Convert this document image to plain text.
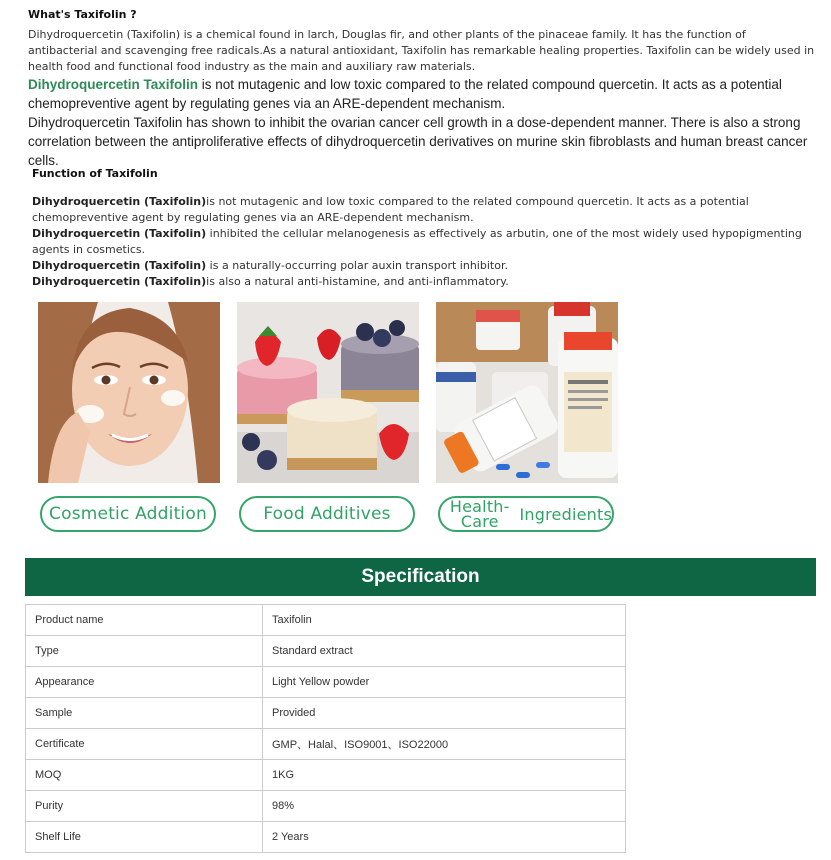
What's Taxifolin ?
Dihydroquercetin (Taxifolin) is a chemical found in larch, Douglas fir, and other plants of the pinaceae family. It has the function of antibacterial and scavenging free radicals.As a natural antioxidant, Taxifolin has remarkable healing properties. Taxifolin can be widely used in health food and functional food industry as the main and auxiliary raw materials.
Dihydroquercetin Taxifolin is not mutagenic and low toxic compared to the related compound quercetin. It acts as a potential chemopreventive agent by regulating genes via an ARE-dependent mechanism.
Dihydroquercetin Taxifolin has shown to inhibit the ovarian cancer cell growth in a dose-dependent manner. There is also a strong correlation between the antiproliferative effects of dihydroquercetin derivatives on murine skin fibroblasts and human breast cancer cells.
Function of Taxifolin
Dihydroquercetin (Taxifolin)is not mutagenic and low toxic compared to the related compound quercetin. It acts as a potential chemopreventive agent by regulating genes via an ARE-dependent mechanism.
Dihydroquercetin (Taxifolin) inhibited the cellular melanogenesis as effectively as arbutin, one of the most widely used hypopigmenting agents in cosmetics.
Dihydroquercetin (Taxifolin) is a naturally-occurring polar auxin transport inhibitor.
Dihydroquercetin (Taxifolin)is also a natural anti-histamine, and anti-inflammatory.
Cosmetic Addition	Food Additives	Health-Care	Ingredients
Specification
Product name	Taxifolin
Type	Standard extract
Appearance	Light Yellow powder
Sample	Provided
Certificate	GMP、Halal、ISO9001、ISO22000
MOQ	1KG
Purity	98%
Shelf Life	2 Years
